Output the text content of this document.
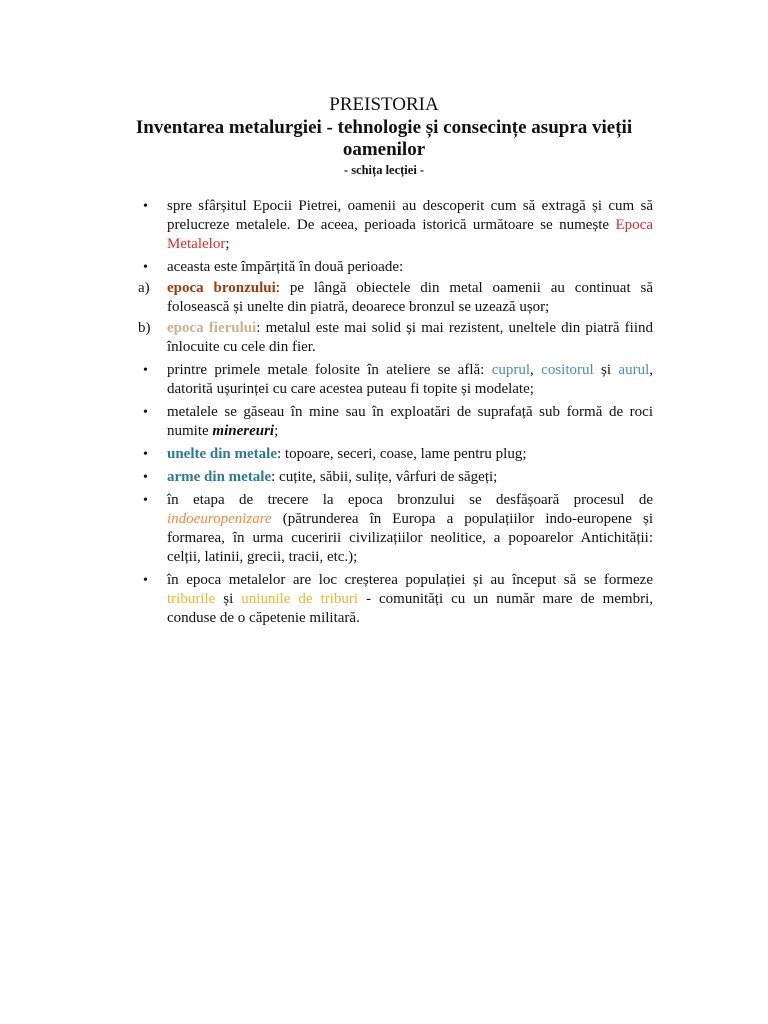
PREISTORIA
Inventarea metalurgiei - tehnologie și consecințe asupra vieții
oamenilor
- schița lecției -
•
spre sfârșitul Epocii Pietrei, oamenii au descoperit cum să extragă și cum să prelucreze metalele. De aceea, perioada istorică următoare se numește Epoca Metalelor;
•
aceasta este împărțită în două perioade:
a)	epoca bronzului: pe lângă obiectele din metal oamenii au continuat să folosească și unelte din piatră, deoarece bronzul se uzează ușor;
b)	epoca fierului: metalul este mai solid și mai rezistent, uneltele din piatră fiind înlocuite cu cele din fier.
•
printre primele metale folosite în ateliere se află: cuprul, cositorul și aurul, datorită ușurinței cu care acestea puteau fi topite și modelate;
•
metalele se găseau în mine sau în exploatări de suprafață sub formă de roci numite minereuri;
•
unelte din metale: topoare, seceri, coase, lame pentru plug;
•
arme din metale: cuțite, săbii, sulițe, vârfuri de săgeți;
•
în etapa de trecere la epoca bronzului se desfășoară procesul de indoeuropenizare (pătrunderea în Europa a populațiilor indo-europene și formarea, în urma cuceririi civilizațiilor neolitice, a popoarelor Antichității: celții, latinii, grecii, tracii, etc.);
•
în epoca metalelor are loc creșterea populației și au început să se formeze triburile și uniunile de triburi - comunități cu un număr mare de membri, conduse de o căpetenie militară.
